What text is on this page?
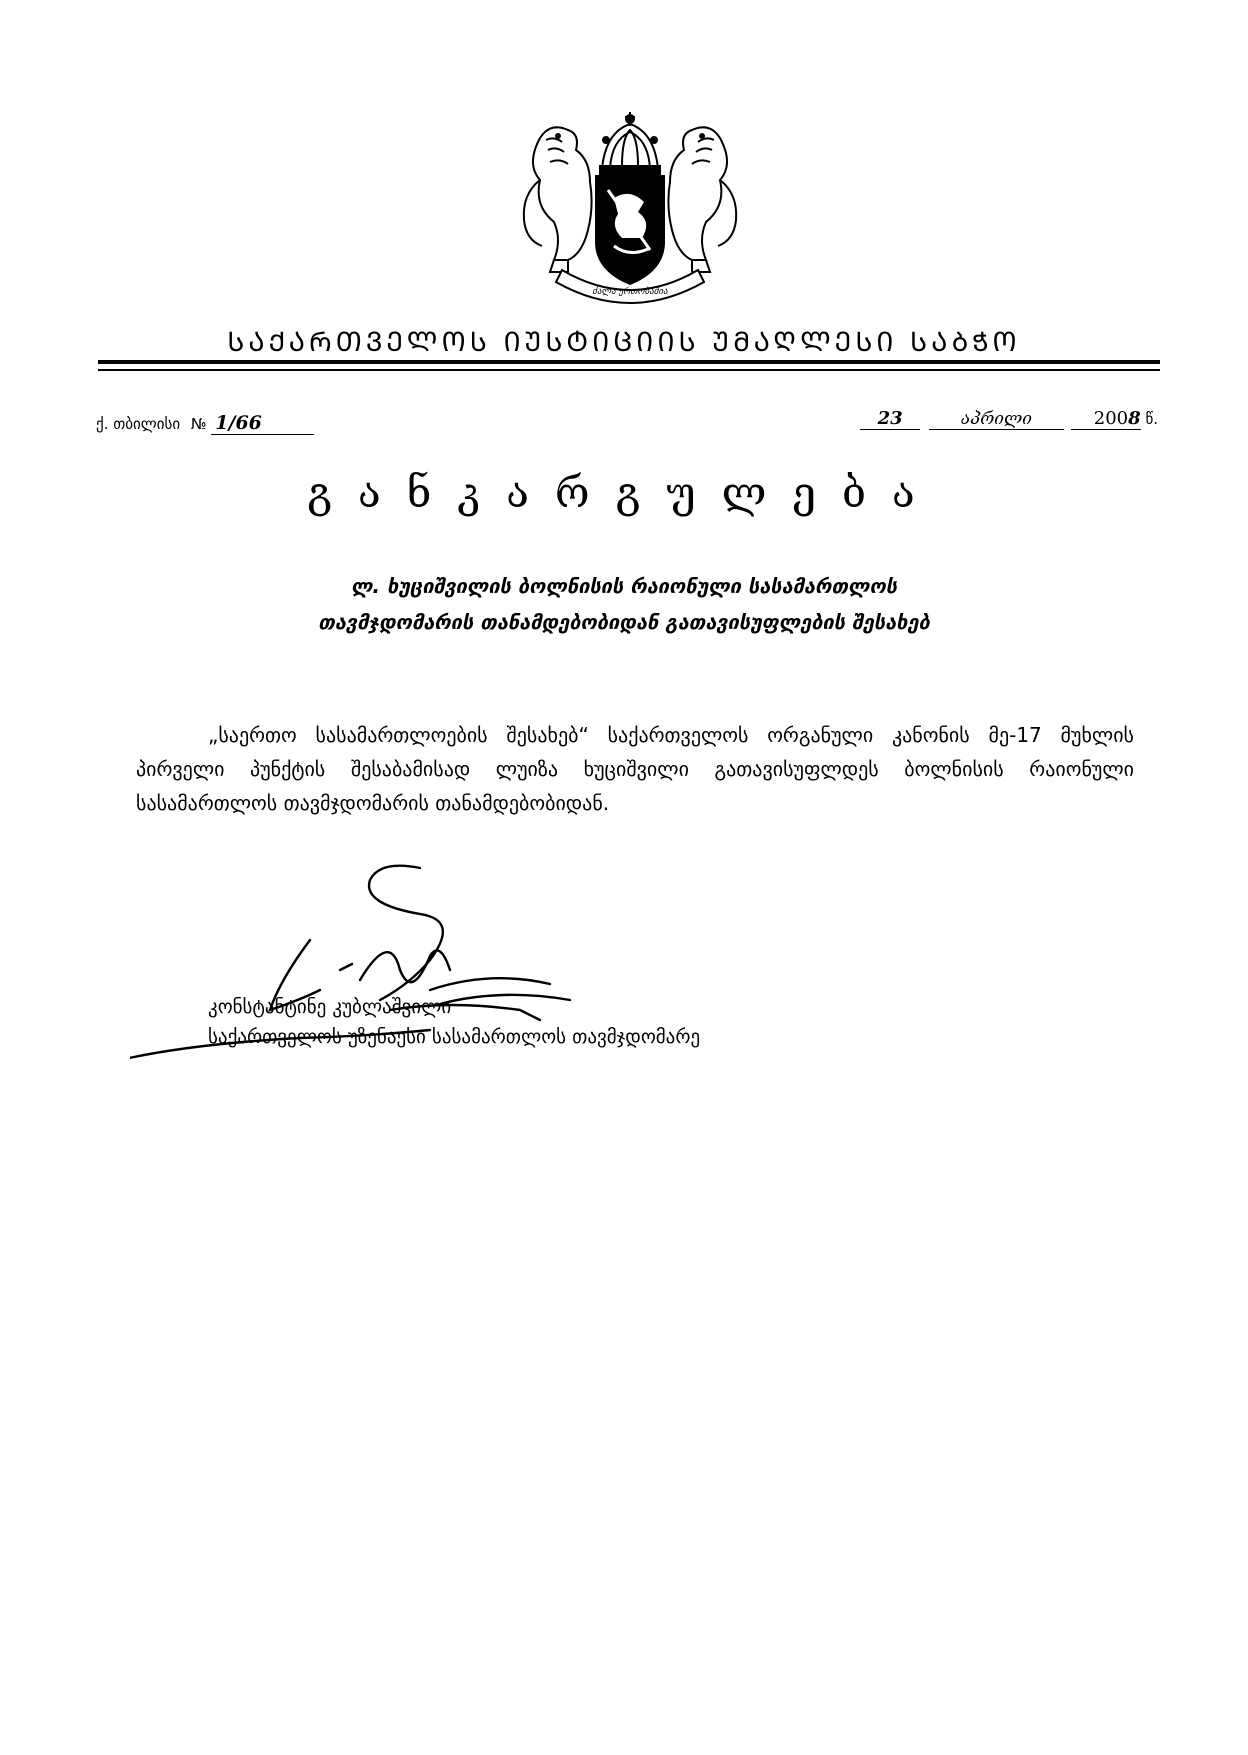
ძალა ერთობაშია
ᲡᲐᲥᲐᲠᲗᲕᲔᲚᲝᲡ ᲘᲣᲡᲢᲘᲪᲘᲘᲡ ᲣᲛᲐᲦᲚᲔᲡᲘ ᲡᲐᲑᲭᲝ
ქ. თბილისი № 1/66	23	აპრილი	2008 წ.
განკარგულება
ლ. ხუციშვილის ბოლნისის რაიონული სასამართლოს
თავმჯდომარის თანამდებობიდან გათავისუფლების შესახებ
„საერთო სასამართლოების შესახებ“ საქართველოს ორგანული კანონის მე-17 მუხლის პირველი პუნქტის შესაბამისად ლუიზა ხუციშვილი გათავისუფლდეს ბოლნისის რაიონული სასამართლოს თავმჯდომარის თანამდებობიდან.
კონსტანტინე კუბლაშვილი
საქართველოს უზენაესი სასამართლოს თავმჯდომარე
